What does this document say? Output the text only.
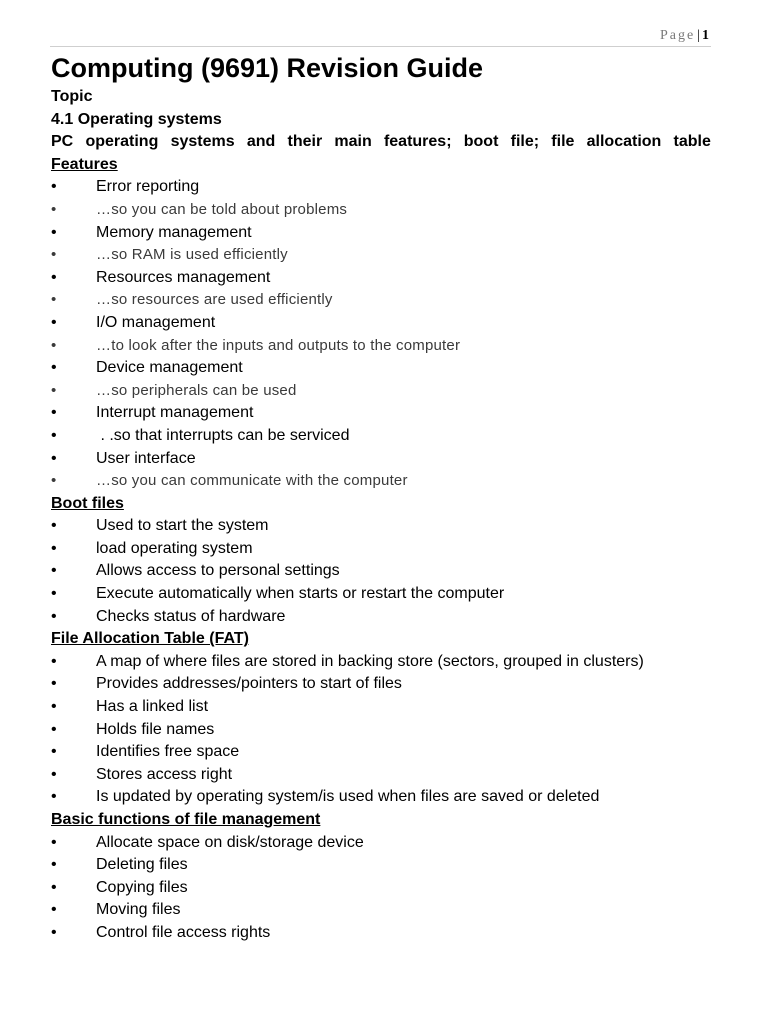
Page | 1
Computing (9691) Revision Guide
Topic
4.1 Operating systems
PC operating systems and their main features; boot file; file allocation table
Features
•	Error reporting
•	…so you can be told about problems
•	Memory management
•	…so RAM is used efficiently
•	Resources management
•	…so resources are used efficiently
•	I/O management
•	…to look after the inputs and outputs to the computer
•	Device management
•	…so peripherals can be used
•	Interrupt management
•	. .so that interrupts can be serviced
•	User interface
•	…so you can communicate with the computer
Boot files
•	Used to start the system
•	load operating system
•	Allows access to personal settings
•	Execute automatically when starts or restart the computer
•	Checks status of hardware
File Allocation Table (FAT)
•	A map of where files are stored in backing store (sectors, grouped in clusters)
•	Provides addresses/pointers to start of files
•	Has a linked list
•	Holds file names
•	Identifies free space
•	Stores access right
•	Is updated by operating system/is used when files are saved or deleted
Basic functions of file management
•	Allocate space on disk/storage device
•	Deleting files
•	Copying files
•	Moving files
•	Control file access rights
